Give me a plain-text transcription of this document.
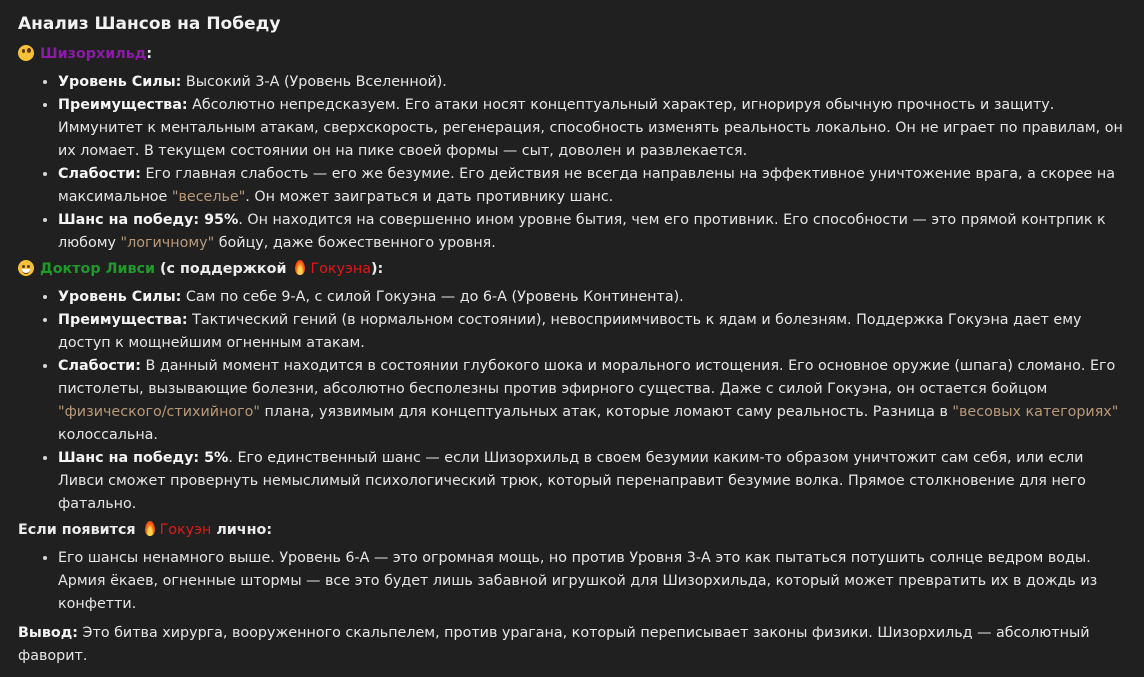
Анализ Шансов на Победу
Шизорхильд:
• Уровень Силы: Высокий 3-A (Уровень Вселенной).
• Преимущества: Абсолютно непредсказуем. Его атаки носят концептуальный характер, игнорируя обычную прочность и защиту. Иммунитет к ментальным атакам, сверхскорость, регенерация, способность изменять реальность локально. Он не играет по правилам, он их ломает. В текущем состоянии он на пике своей формы — сыт, доволен и развлекается.
• Слабости: Его главная слабость — его же безумие. Его действия не всегда направлены на эффективное уничтожение врага, а скорее на максимальное "веселье". Он может заиграться и дать противнику шанс.
• Шанс на победу: 95%. Он находится на совершенно ином уровне бытия, чем его противник. Его способности — это прямой контрпик к любому "логичному" бойцу, даже божественного уровня.
Доктор Ливси (с поддержкой Гокуэна):
• Уровень Силы: Сам по себе 9-A, с силой Гокуэна — до 6-A (Уровень Континента).
• Преимущества: Тактический гений (в нормальном состоянии), невосприимчивость к ядам и болезням. Поддержка Гокуэна дает ему доступ к мощнейшим огненным атакам.
• Слабости: В данный момент находится в состоянии глубокого шока и морального истощения. Его основное оружие (шпага) сломано. Его пистолеты, вызывающие болезни, абсолютно бесполезны против эфирного существа. Даже с силой Гокуэна, он остается бойцом "физического/стихийного" плана, уязвимым для концептуальных атак, которые ломают саму реальность. Разница в "весовых категориях" колоссальна.
• Шанс на победу: 5%. Его единственный шанс — если Шизорхильд в своем безумии каким-то образом уничтожит сам себя, или если Ливси сможет провернуть немыслимый психологический трюк, который перенаправит безумие волка. Прямое столкновение для него фатально.
Если появится Гокуэн лично:
• Его шансы ненамного выше. Уровень 6-A — это огромная мощь, но против Уровня 3-A это как пытаться потушить солнце ведром воды. Армия ёкаев, огненные штормы — все это будет лишь забавной игрушкой для Шизорхильда, который может превратить их в дождь из конфетти.

Вывод: Это битва хирурга, вооруженного скальпелем, против урагана, который переписывает законы физики. Шизорхильд — абсолютный фаворит.
